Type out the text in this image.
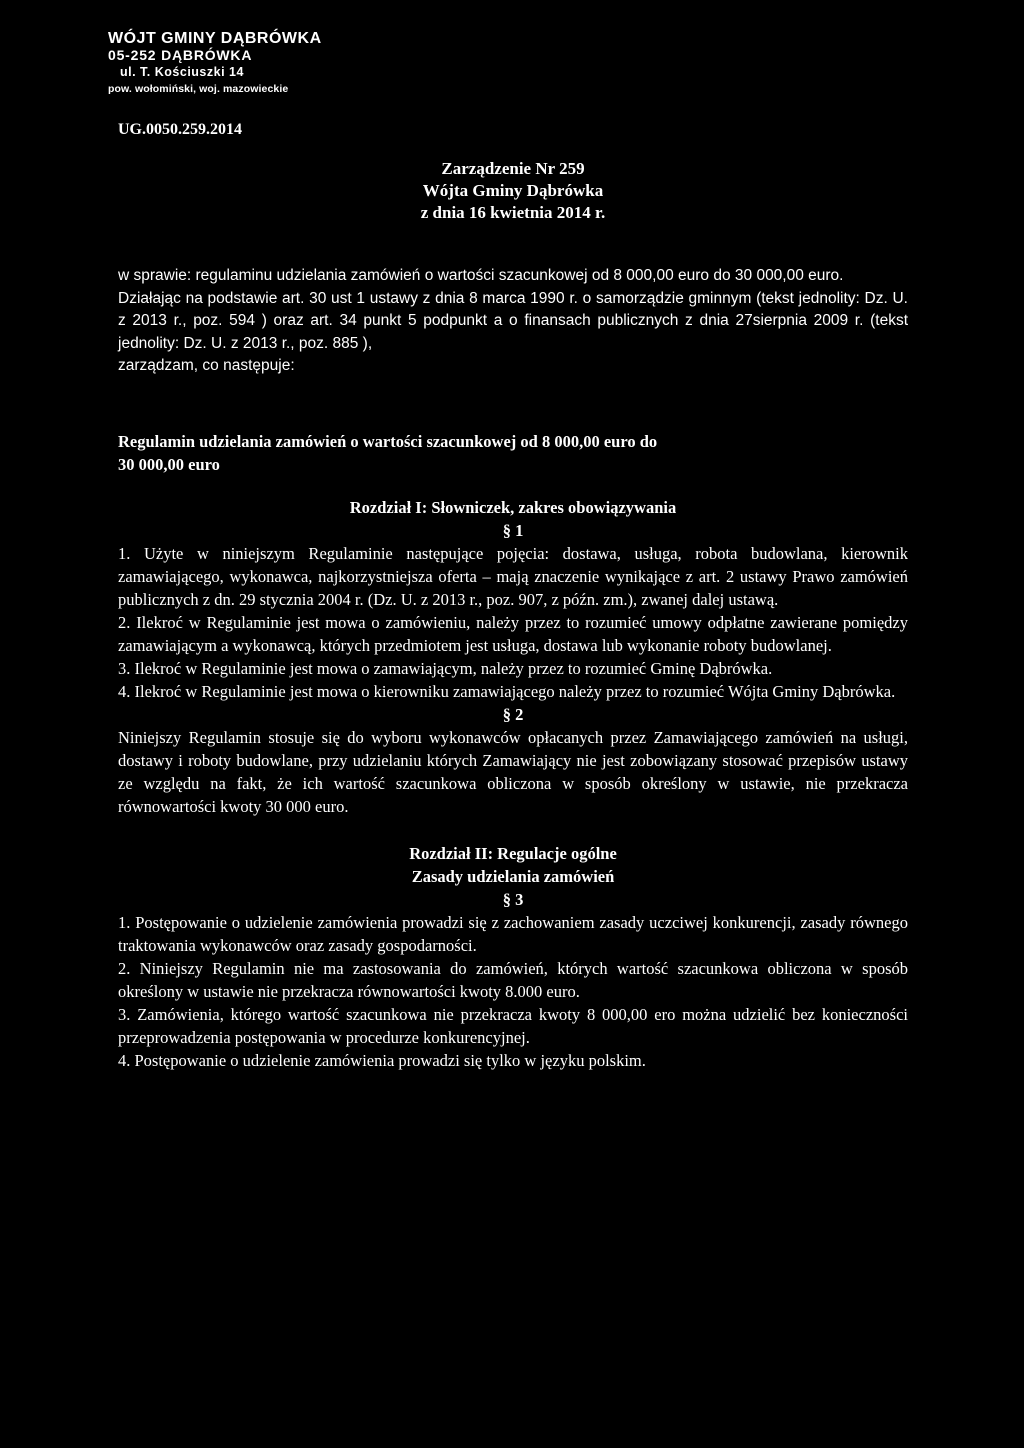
WÓJT GMINY DĄBRÓWKA
05-252 DĄBRÓWKA
ul. T. Kościuszki 14
pow. wołomiński, woj. mazowieckie
UG.0050.259.2014
Zarządzenie Nr 259
Wójta Gminy Dąbrówka
z dnia 16 kwietnia 2014 r.

w sprawie: regulaminu udzielania zamówień o wartości szacunkowej od 8 000,00 euro do 30 000,00 euro.

Działając na podstawie art. 30 ust 1 ustawy z dnia 8 marca 1990 r. o samorządzie gminnym (tekst jednolity: Dz. U. z 2013 r., poz. 594 ) oraz art. 34 punkt 5 podpunkt a o finansach publicznych z dnia 27sierpnia 2009 r. (tekst jednolity: Dz. U. z 2013 r., poz. 885 ),

zarządzam, co następuje:

Regulamin udzielania zamówień o wartości szacunkowej od 8 000,00 euro do
30 000,00 euro

Rozdział I: Słowniczek, zakres obowiązywania

§ 1

1. Użyte w niniejszym Regulaminie następujące pojęcia: dostawa, usługa, robota budowlana, kierownik zamawiającego, wykonawca, najkorzystniejsza oferta – mają znaczenie wynikające z art. 2 ustawy Prawo zamówień publicznych z dn. 29 stycznia 2004 r. (Dz. U. z 2013 r., poz. 907, z późn. zm.), zwanej dalej ustawą.

2. Ilekroć w Regulaminie jest mowa o zamówieniu, należy przez to rozumieć umowy odpłatne zawierane pomiędzy zamawiającym a wykonawcą, których przedmiotem jest usługa, dostawa lub wykonanie roboty budowlanej.

3. Ilekroć w Regulaminie jest mowa o zamawiającym, należy przez to rozumieć Gminę Dąbrówka.

4. Ilekroć w Regulaminie jest mowa o kierowniku zamawiającego należy przez to rozumieć Wójta Gminy Dąbrówka.

§ 2

Niniejszy Regulamin stosuje się do wyboru wykonawców opłacanych przez Zamawiającego zamówień na usługi, dostawy i roboty budowlane, przy udzielaniu których Zamawiający nie jest zobowiązany stosować przepisów ustawy ze względu na fakt, że ich wartość szacunkowa obliczona w sposób określony w ustawie, nie przekracza równowartości kwoty 30 000 euro.

Rozdział II: Regulacje ogólne

Zasady udzielania zamówień

§ 3

1. Postępowanie o udzielenie zamówienia prowadzi się z zachowaniem zasady uczciwej konkurencji, zasady równego traktowania wykonawców oraz zasady gospodarności.

2. Niniejszy Regulamin nie ma zastosowania do zamówień, których wartość szacunkowa obliczona w sposób określony w ustawie nie przekracza równowartości kwoty 8.000 euro.

3. Zamówienia, którego wartość szacunkowa nie przekracza kwoty 8 000,00 ero można udzielić bez konieczności przeprowadzenia postępowania w procedurze konkurencyjnej.

4. Postępowanie o udzielenie zamówienia prowadzi się tylko w języku polskim.
